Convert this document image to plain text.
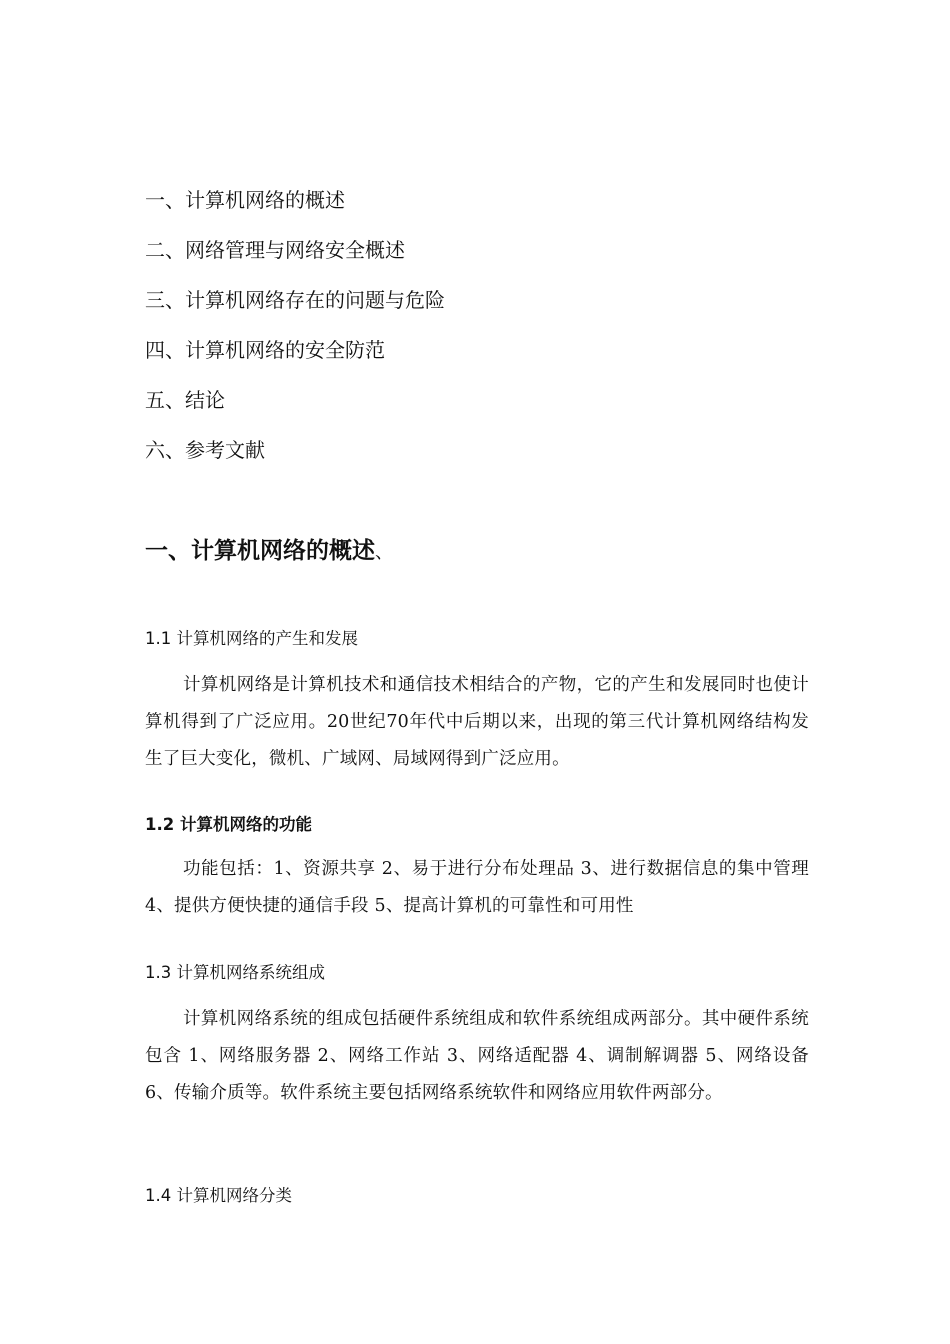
一、计算机网络的概述
二、网络管理与网络安全概述
三、计算机网络存在的问题与危险
四、计算机网络的安全防范
五、结论
六、参考文献
一、计算机网络的概述、
1.1 计算机网络的产生和发展
计算机网络是计算机技术和通信技术相结合的产物，它的产生和发展同时也使计算机得到了广泛应用。20世纪70年代中后期以来，出现的第三代计算机网络结构发生了巨大变化，微机、广域网、局域网得到广泛应用。
1.2 计算机网络的功能
功能包括：1、资源共享 2、易于进行分布处理品 3、进行数据信息的集中管理 4、提供方便快捷的通信手段 5、提高计算机的可靠性和可用性
1.3 计算机网络系统组成
计算机网络系统的组成包括硬件系统组成和软件系统组成两部分。其中硬件系统包含 1、网络服务器 2、网络工作站 3、网络适配器 4、调制解调器 5、网络设备 6、传输介质等。软件系统主要包括网络系统软件和网络应用软件两部分。
1.4 计算机网络分类
